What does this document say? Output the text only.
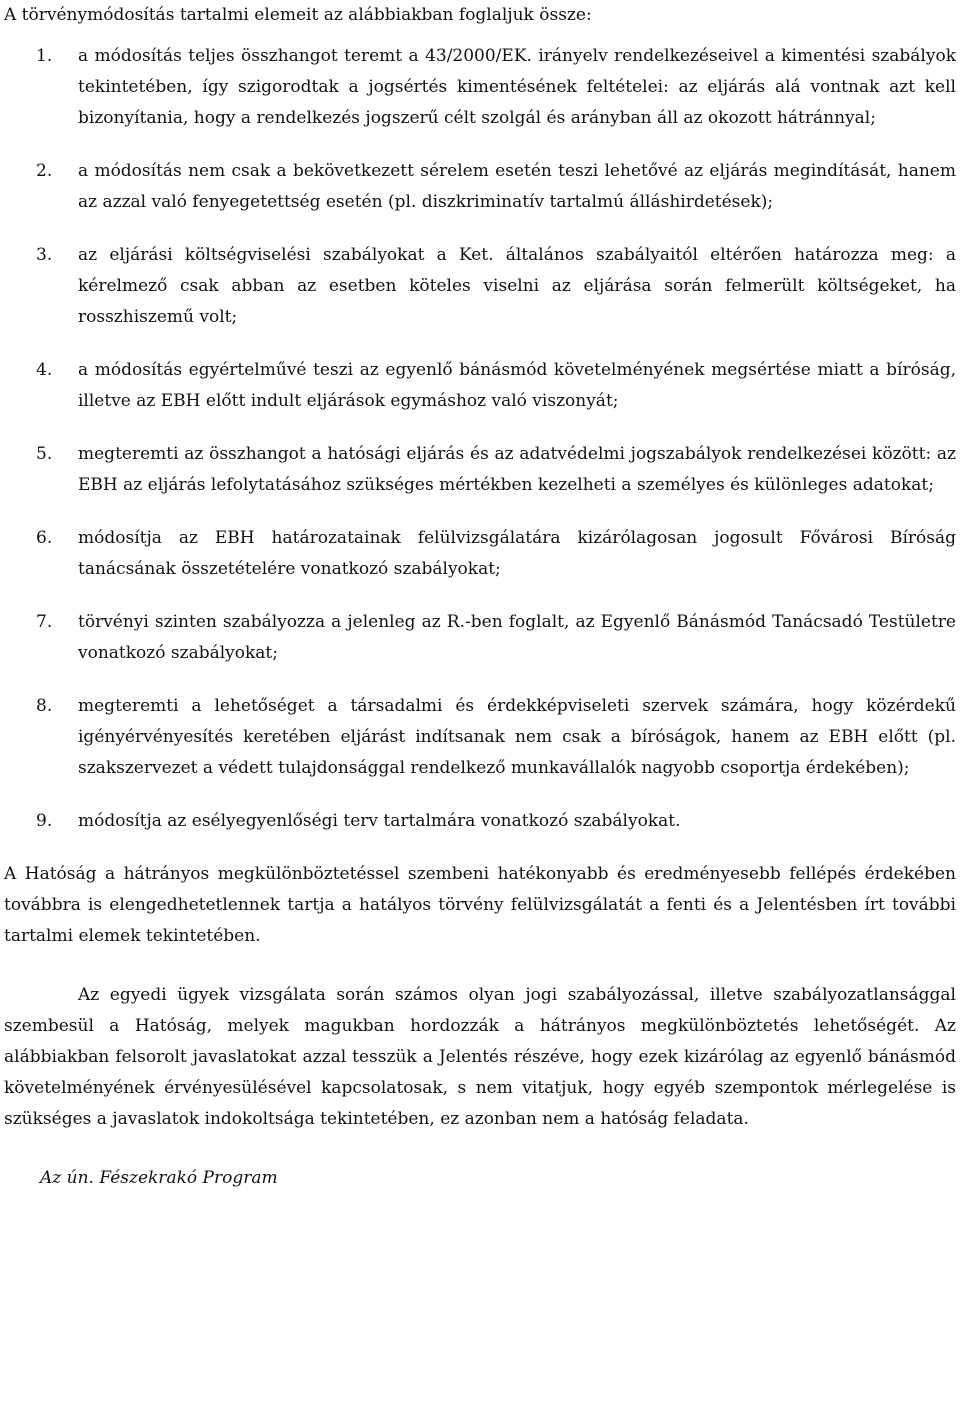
A törvénymódosítás tartalmi elemeit az alábbiakban foglaljuk össze:

1. a módosítás teljes összhangot teremt a 43/2000/EK. irányelv rendelkezéseivel a kimentési szabályok tekintetében, így szigorodtak a jogsértés kimentésének feltételei: az eljárás alá vontnak azt kell bizonyítania, hogy a rendelkezés jogszerű célt szolgál és arányban áll az okozott hátránnyal;
2. a módosítás nem csak a bekövetkezett sérelem esetén teszi lehetővé az eljárás megindítását, hanem az azzal való fenyegetettség esetén (pl. diszkriminatív tartalmú álláshirdetések);
3. az eljárási költségviselési szabályokat a Ket. általános szabályaitól eltérően határozza meg: a kérelmező csak abban az esetben köteles viselni az eljárása során felmerült költségeket, ha rosszhiszemű volt;
4. a módosítás egyértelművé teszi az egyenlő bánásmód követelményének megsértése miatt a bíróság, illetve az EBH előtt indult eljárások egymáshoz való viszonyát;
5. megteremti az összhangot a hatósági eljárás és az adatvédelmi jogszabályok rendelkezései között: az EBH az eljárás lefolytatásához szükséges mértékben kezelheti a személyes és különleges adatokat;
6. módosítja az EBH határozatainak felülvizsgálatára kizárólagosan jogosult Fővárosi Bíróság tanácsának összetételére vonatkozó szabályokat;
7. törvényi szinten szabályozza a jelenleg az R.-ben foglalt, az Egyenlő Bánásmód Tanácsadó Testületre vonatkozó szabályokat;
8. megteremti a lehetőséget a társadalmi és érdekképviseleti szervek számára, hogy közérdekű igényérvényesítés keretében eljárást indítsanak nem csak a bíróságok, hanem az EBH előtt (pl. szakszervezet a védett tulajdonsággal rendelkező munkavállalók nagyobb csoportja érdekében);
9. módosítja az esélyegyenlőségi terv tartalmára vonatkozó szabályokat.

A Hatóság a hátrányos megkülönböztetéssel szembeni hatékonyabb és eredményesebb fellépés érdekében továbbra is elengedhetetlennek tartja a hatályos törvény felülvizsgálatát a fenti és a Jelentésben írt további tartalmi elemek tekintetében.

Az egyedi ügyek vizsgálata során számos olyan jogi szabályozással, illetve szabályozatlansággal szembesül a Hatóság, melyek magukban hordozzák a hátrányos megkülönböztetés lehetőségét. Az alábbiakban felsorolt javaslatokat azzal tesszük a Jelentés részéve, hogy ezek kizárólag az egyenlő bánásmód követelményének érvényesülésével kapcsolatosak, s nem vitatjuk, hogy egyéb szempontok mérlegelése is szükséges a javaslatok indokoltsága tekintetében, ez azonban nem a hatóság feladata.

Az ún. Fészekrakó Program
